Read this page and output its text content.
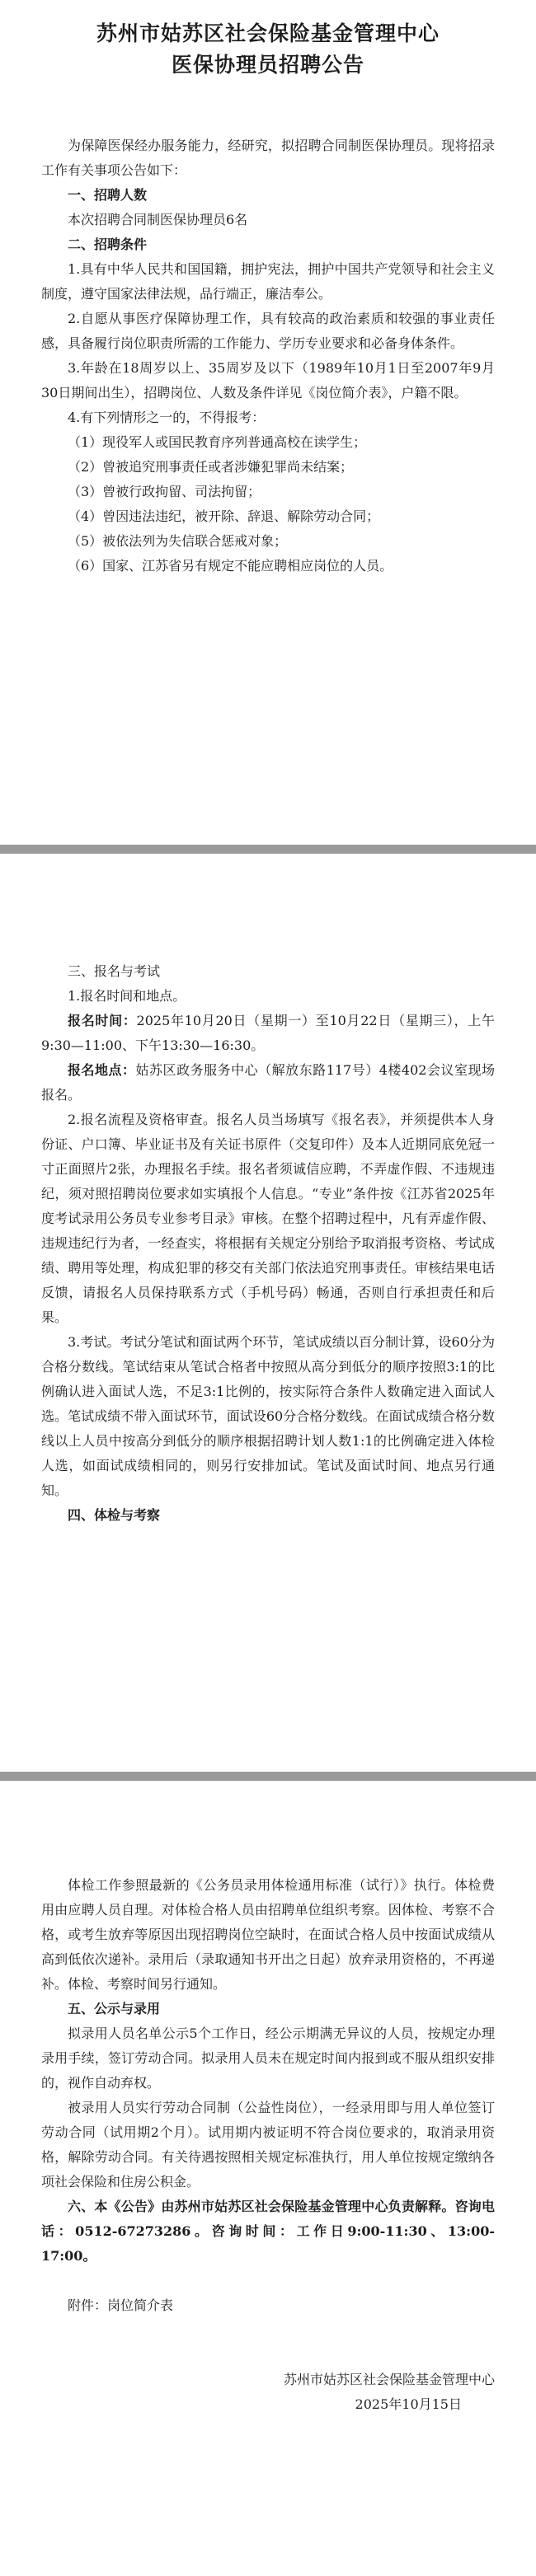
苏州市姑苏区社会保险基金管理中心

医保协理员招聘公告

为保障医保经办服务能力，经研究，拟招聘合同制医保协理员。现将招录工作有关事项公告如下：

一、招聘人数

本次招聘合同制医保协理员6名

二、招聘条件

1.具有中华人民共和国国籍，拥护宪法，拥护中国共产党领导和社会主义制度，遵守国家法律法规，品行端正，廉洁奉公。

2.自愿从事医疗保障协理工作，具有较高的政治素质和较强的事业责任感，具备履行岗位职责所需的工作能力、学历专业要求和必备身体条件。

3.年龄在18周岁以上、35周岁及以下（1989年10月1日至2007年9月30日期间出生），招聘岗位、人数及条件详见《岗位简介表》，户籍不限。

4.有下列情形之一的，不得报考：

（1）现役军人或国民教育序列普通高校在读学生；

（2）曾被追究刑事责任或者涉嫌犯罪尚未结案；

（3）曾被行政拘留、司法拘留；

（4）曾因违法违纪，被开除、辞退、解除劳动合同；

（5）被依法列为失信联合惩戒对象；

（6）国家、江苏省另有规定不能应聘相应岗位的人员。

三、报名与考试

1.报名时间和地点。

报名时间：2025年10月20日（星期一）至10月22日（星期三），上午9:30—11:00、下午13:30—16:30。

报名地点：姑苏区政务服务中心（解放东路117号）4楼402会议室现场报名。

2.报名流程及资格审查。报名人员当场填写《报名表》，并须提供本人身份证、户口簿、毕业证书及有关证书原件（交复印件）及本人近期同底免冠一寸正面照片2张，办理报名手续。报名者须诚信应聘，不弄虚作假、不违规违纪，须对照招聘岗位要求如实填报个人信息。“专业”条件按《江苏省2025年度考试录用公务员专业参考目录》审核。在整个招聘过程中，凡有弄虚作假、违规违纪行为者，一经查实，将根据有关规定分别给予取消报考资格、考试成绩、聘用等处理，构成犯罪的移交有关部门依法追究刑事责任。审核结果电话反馈，请报名人员保持联系方式（手机号码）畅通，否则自行承担责任和后果。

3.考试。考试分笔试和面试两个环节，笔试成绩以百分制计算，设60分为合格分数线。笔试结束从笔试合格者中按照从高分到低分的顺序按照3:1的比例确认进入面试人选，不足3:1比例的，按实际符合条件人数确定进入面试人选。笔试成绩不带入面试环节，面试设60分合格分数线。在面试成绩合格分数线以上人员中按高分到低分的顺序根据招聘计划人数1:1的比例确定进入体检人选，如面试成绩相同的，则另行安排加试。笔试及面试时间、地点另行通知。

四、体检与考察

体检工作参照最新的《公务员录用体检通用标准（试行）》执行。体检费用由应聘人员自理。对体检合格人员由招聘单位组织考察。因体检、考察不合格，或考生放弃等原因出现招聘岗位空缺时，在面试合格人员中按面试成绩从高到低依次递补。录用后（录取通知书开出之日起）放弃录用资格的，不再递补。体检、考察时间另行通知。

五、公示与录用

拟录用人员名单公示5个工作日，经公示期满无异议的人员，按规定办理录用手续，签订劳动合同。拟录用人员未在规定时间内报到或不服从组织安排的，视作自动弃权。

被录用人员实行劳动合同制（公益性岗位），一经录用即与用人单位签订劳动合同（试用期2个月）。试用期内被证明不符合岗位要求的，取消录用资格，解除劳动合同。有关待遇按照相关规定标准执行，用人单位按规定缴纳各项社会保险和住房公积金。

六、本《公告》由苏州市姑苏区社会保险基金管理中心负责解释。咨询电话：0512-67273286。咨询时间：工作日9:00-11:30、13:00-17:00。

附件：岗位简介表

苏州市姑苏区社会保险基金管理中心

2025年10月15日
